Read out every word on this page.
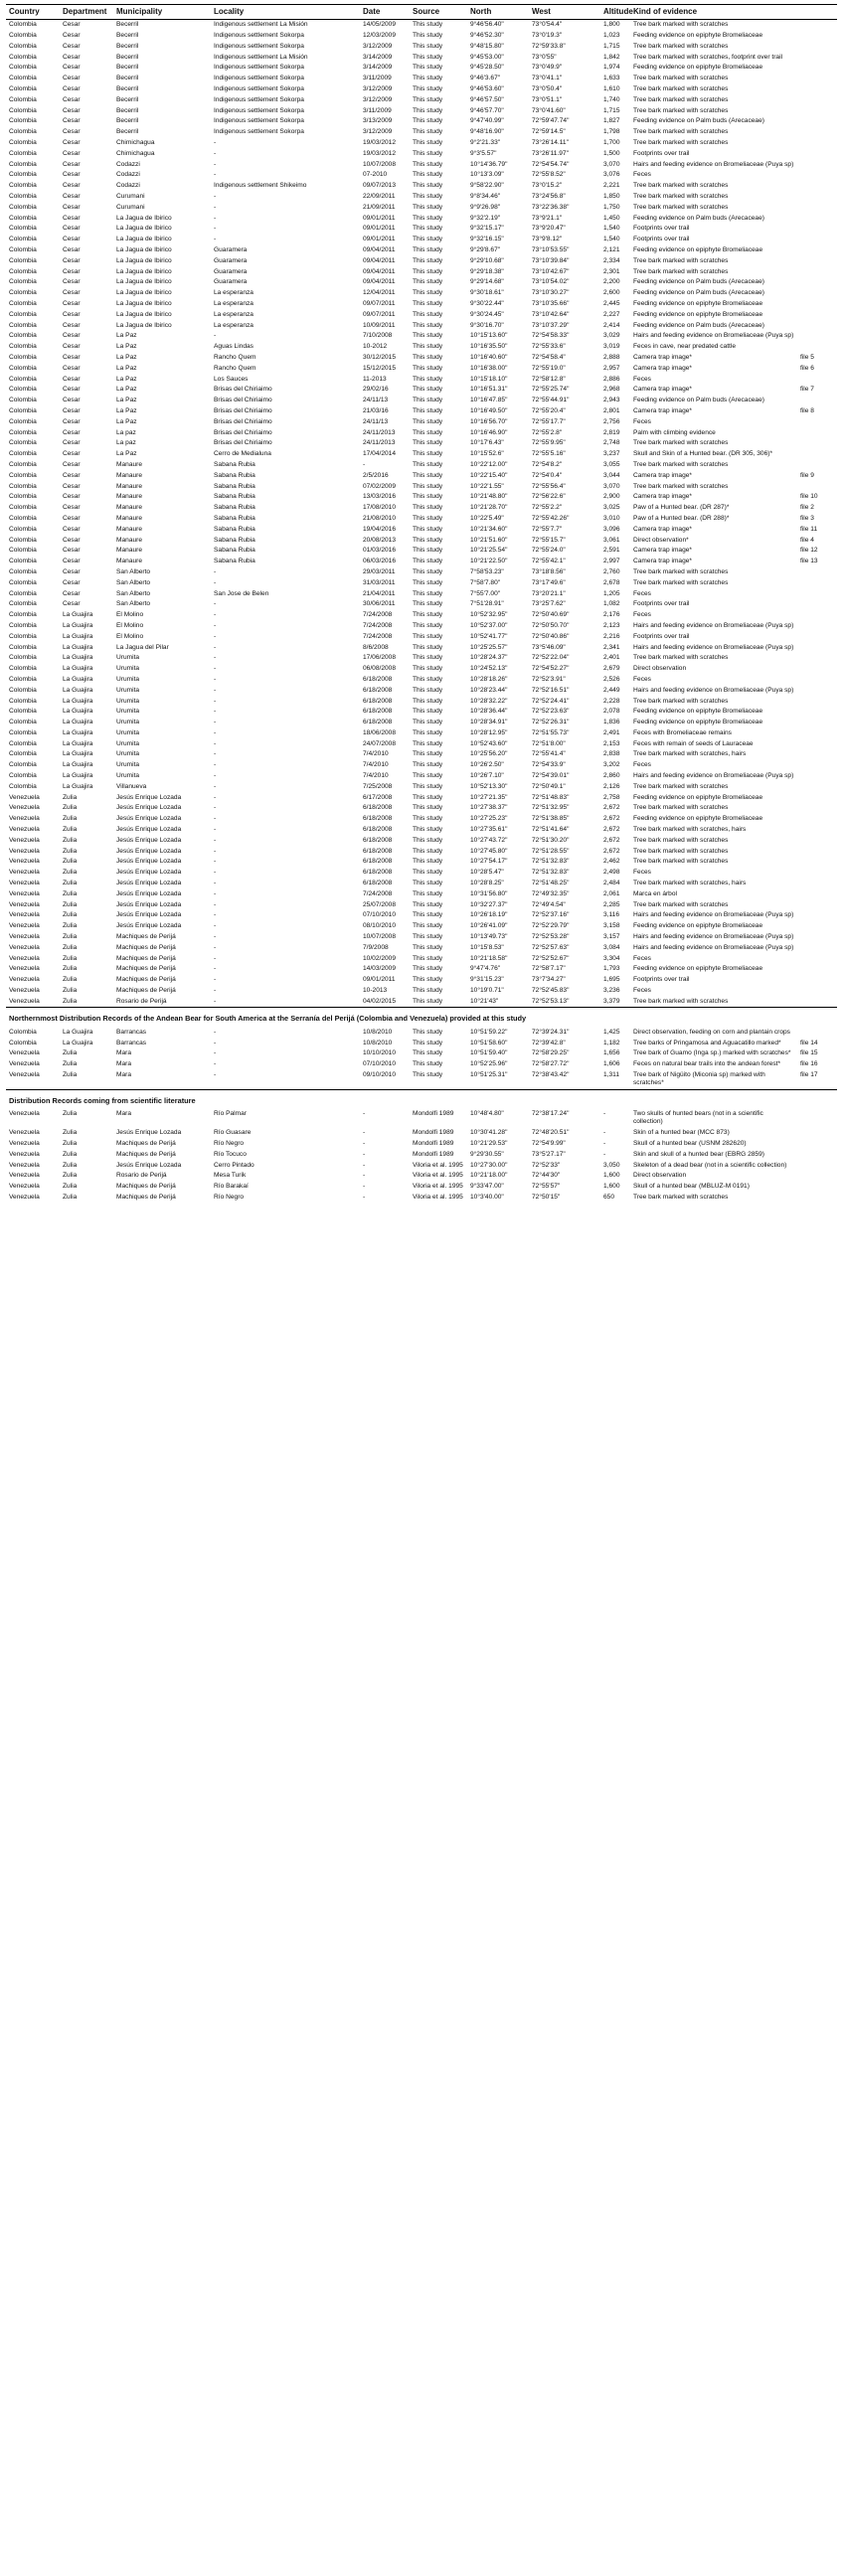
Country	Department	Municipality	Locality	Date	Source	North	West	Altitude	Kind of evidence	
Colombia	Cesar	Becerril	Indigenous settlement La Misión	14/05/2009	This study	9°46'56.40"	73°0'54.4"	1,800	Tree bark marked with scratches	
Colombia	Cesar	Becerril	Indigenous settlement Sokorpa	12/03/2009	This study	9°46'52.30"	73°0'19.3"	1,023	Feeding evidence on epiphyte Bromeliaceae	
Colombia	Cesar	Becerril	Indigenous settlement Sokorpa	3/12/2009	This study	9°48'15.80"	72°59'33.8"	1,715	Tree bark marked with scratches	
Colombia	Cesar	Becerril	Indigenous settlement La Misión	3/14/2009	This study	9°45'53.00"	73°0'55"	1,842	Tree bark marked with scratches, footprint over trail	
Colombia	Cesar	Becerril	Indigenous settlement Sokorpa	3/14/2009	This study	9°45'28.50"	73°0'49.9"	1,974	Feeding evidence on epiphyte Bromeliaceae	
Colombia	Cesar	Becerril	Indigenous settlement Sokorpa	3/11/2009	This study	9°46'3.67"	73°0'41.1"	1,633	Tree bark marked with scratches	
Colombia	Cesar	Becerril	Indigenous settlement Sokorpa	3/12/2009	This study	9°46'53.60"	73°0'50.4"	1,610	Tree bark marked with scratches	
Colombia	Cesar	Becerril	Indigenous settlement Sokorpa	3/12/2009	This study	9°46'57.50"	73°0'51.1"	1,740	Tree bark marked with scratches	
Colombia	Cesar	Becerril	Indigenous settlement Sokorpa	3/11/2009	This study	9°46'57.70"	73°0'41.60"	1,715	Tree bark marked with scratches	
Colombia	Cesar	Becerril	Indigenous settlement Sokorpa	3/13/2009	This study	9°47'40.99"	72°59'47.74"	1,827	Feeding evidence on Palm buds (Arecaceae)	
Colombia	Cesar	Becerril	Indigenous settlement Sokorpa	3/12/2009	This study	9°48'16.90"	72°59'14.5"	1,798	Tree bark marked with scratches	
Colombia	Cesar	Chimichagua	-	19/03/2012	This study	9°2'21.33"	73°26'14.11"	1,700	Tree bark marked with scratches	
Colombia	Cesar	Chimichagua	-	19/03/2012	This study	9°3'5.57"	73°26'11.97"	1,500	Footprints over trail	
Colombia	Cesar	Codazzi	-	10/07/2008	This study	10°14'36.79"	72°54'54.74"	3,070	Hairs and feeding evidence on Bromeliaceae (Puya sp)	
Colombia	Cesar	Codazzi	-	07-2010	This study	10°13'3.09"	72°55'8.52"	3,076	Feces	
Colombia	Cesar	Codazzi	Indigenous settlement Shikeimo	09/07/2013	This study	9°58'22.90"	73°0'15.2"	2,221	Tree bark marked with scratches	
Colombia	Cesar	Curumani	-	22/09/2011	This study	9°8'34.46"	73°24'56.8"	1,850	Tree bark marked with scratches	
Colombia	Cesar	Curumani	-	21/09/2011	This study	9°9'26.98"	73°22'36.38"	1,750	Tree bark marked with scratches	
Colombia	Cesar	La Jagua de Ibirico	-	09/01/2011	This study	9°32'2.19"	73°9'21.1"	1,450	Feeding evidence on Palm buds (Arecaceae)	
Colombia	Cesar	La Jagua de Ibirico	-	09/01/2011	This study	9°32'15.17"	73°9'20.47"	1,540	Footprints over trail	
Colombia	Cesar	La Jagua de Ibirico	-	09/01/2011	This study	9°32'16.15"	73°9'8.12"	1,540	Footprints over trail	
Colombia	Cesar	La Jagua de Ibirico	Guaramera	09/04/2011	This study	9°29'8.67"	73°10'53.55"	2,121	Feeding evidence on epiphyte Bromeliaceae	
Colombia	Cesar	La Jagua de Ibirico	Guaramera	09/04/2011	This study	9°29'10.68"	73°10'39.84"	2,334	Tree bark marked with scratches	
Colombia	Cesar	La Jagua de Ibirico	Guaramera	09/04/2011	This study	9°29'18.38"	73°10'42.67"	2,301	Tree bark marked with scratches	
Colombia	Cesar	La Jagua de Ibirico	Guaramera	09/04/2011	This study	9°29'14.68"	73°10'54.02"	2,200	Feeding evidence on Palm buds (Arecaceae)	
Colombia	Cesar	La Jagua de Ibirico	La esperanza	12/04/2011	This study	9°30'18.61"	73°10'30.27"	2,600	Feeding evidence on Palm buds (Arecaceae)	
Colombia	Cesar	La Jagua de Ibirico	La esperanza	09/07/2011	This study	9°30'22.44"	73°10'35.66"	2,445	Feeding evidence on epiphyte Bromeliaceae	
Colombia	Cesar	La Jagua de Ibirico	La esperanza	09/07/2011	This study	9°30'24.45"	73°10'42.64"	2,227	Feeding evidence on epiphyte Bromeliaceae	
Colombia	Cesar	La Jagua de Ibirico	La esperanza	10/09/2011	This study	9°30'16.70"	73°10'37.29"	2,414	Feeding evidence on Palm buds (Arecaceae)	
Colombia	Cesar	La Paz	-	7/10/2008	This study	10°15'13.60"	72°54'58.33"	3,029	Hairs and feeding evidence on Bromeliaceae (Puya sp)	
Colombia	Cesar	La Paz	Aguas Lindas	10-2012	This study	10°16'35.50"	72°55'33.6"	3,019	Feces in cave, near predated cattle	
Colombia	Cesar	La Paz	Rancho Quem	30/12/2015	This study	10°16'40.60"	72°54'58.4"	2,888	Camera trap image*	file 5
Colombia	Cesar	La Paz	Rancho Quem	15/12/2015	This study	10°16'38.00"	72°55'19.0"	2,957	Camera trap image*	file 6
Colombia	Cesar	La Paz	Los Sauces	11-2013	This study	10°15'18.10"	72°58'12.8"	2,886	Feces	
Colombia	Cesar	La Paz	Brisas del Chiriaimo	29/02/16	This study	10°16'51.31"	72°55'25.74"	2,968	Camera trap image*	file 7
Colombia	Cesar	La Paz	Brisas del Chiriaimo	24/11/13	This study	10°16'47.85"	72°55'44.91"	2,943	Feeding evidence on Palm buds (Arecaceae)	
Colombia	Cesar	La Paz	Brisas del Chiriaimo	21/03/16	This study	10°16'49.50"	72°55'20.4"	2,801	Camera trap image*	file 8
Colombia	Cesar	La Paz	Brisas del Chiriaimo	24/11/13	This study	10°16'56.70"	72°55'17.7"	2,756	Feces	
Colombia	Cesar	La paz	Brisas del Chiriaimo	24/11/2013	This study	10°16'46.90"	72°55'2.8"	2,819	Palm with climbing evidence	
Colombia	Cesar	La paz	Brisas del Chiriaimo	24/11/2013	This study	10°17'6.43"	72°55'9.95"	2,748	Tree bark marked with scratches	
Colombia	Cesar	La Paz	Cerro de Medialuna	17/04/2014	This study	10°15'52.6"	72°55'5.16"	3,237	Skull and Skin of a Hunted bear. (DR 305, 306)*	
Colombia	Cesar	Manaure	Sabana Rubia	-	This study	10°22'12.00"	72°54'8.2"	3,055	Tree bark marked with scratches	
Colombia	Cesar	Manaure	Sabana Rubia	2/5/2016	This study	10°22'15.40"	72°54'0.4"	3,044	Camera trap image*	file 9
Colombia	Cesar	Manaure	Sabana Rubia	07/02/2009	This study	10°22'1.55"	72°55'56.4"	3,070	Tree bark marked with scratches	
Colombia	Cesar	Manaure	Sabana Rubia	13/03/2016	This study	10°21'48.80"	72°56'22.6"	2,900	Camera trap image*	file 10
Colombia	Cesar	Manaure	Sabana Rubia	17/08/2010	This study	10°21'28.70"	72°55'2.2"	3,025	Paw of a Hunted bear. (DR 287)*	file 2
Colombia	Cesar	Manaure	Sabana Rubia	21/08/2010	This study	10°22'5.49"	72°55'42.26"	3,010	Paw of a Hunted bear. (DR 288)*	file 3
Colombia	Cesar	Manaure	Sabana Rubia	19/04/2016	This study	10°21'34.60"	72°55'7.7"	3,096	Camera trap image*	file 11
Colombia	Cesar	Manaure	Sabana Rubia	20/08/2013	This study	10°21'51.60"	72°55'15.7"	3,061	Direct observation*	file 4
Colombia	Cesar	Manaure	Sabana Rubia	01/03/2016	This study	10°21'25.54"	72°55'24.0"	2,591	Camera trap image*	file 12
Colombia	Cesar	Manaure	Sabana Rubia	06/03/2016	This study	10°21'22.50"	72°55'42.1"	2,997	Camera trap image*	file 13
Colombia	Cesar	San Alberto	-	29/03/2011	This study	7°58'53.23"	73°18'8.56"	2,760	Tree bark marked with scratches	
Colombia	Cesar	San Alberto	-	31/03/2011	This study	7°58'7.80"	73°17'49.6"	2,678	Tree bark marked with scratches	
Colombia	Cesar	San Alberto	San Jose de Belen	21/04/2011	This study	7°55'7.00"	73°20'21.1"	1,205	Feces	
Colombia	Cesar	San Alberto	-	30/06/2011	This study	7°51'28.91"	73°25'7.62"	1,082	Footprints over trail	
Colombia	La Guajira	El Molino	-	7/24/2008	This study	10°52'32.95"	72°50'40.69"	2,176	Feces	
Colombia	La Guajira	El Molino	-	7/24/2008	This study	10°52'37.00"	72°50'50.70"	2,123	Hairs and feeding evidence on Bromeliaceae (Puya sp)	
Colombia	La Guajira	El Molino	-	7/24/2008	This study	10°52'41.77"	72°50'40.86"	2,216	Footprints over trail	
Colombia	La Guajira	La Jagua del Pilar	-	8/6/2008	This study	10°25'25.57"	73°5'46.09"	2,341	Hairs and feeding evidence on Bromeliaceae (Puya sp)	
Colombia	La Guajira	Urumita	-	17/06/2008	This study	10°28'24.37"	72°52'22.04"	2,401	Tree bark marked with scratches	
Colombia	La Guajira	Urumita	-	06/08/2008	This study	10°24'52.13"	72°54'52.27"	2,679	Direct observation	
Colombia	La Guajira	Urumita	-	6/18/2008	This study	10°28'18.26"	72°52'3.91"	2,526	Feces	
Colombia	La Guajira	Urumita	-	6/18/2008	This study	10°28'23.44"	72°52'16.51"	2,449	Hairs and feeding evidence on Bromeliaceae (Puya sp)	
Colombia	La Guajira	Urumita	-	6/18/2008	This study	10°28'32.22"	72°52'24.41"	2,228	Tree bark marked with scratches	
Colombia	La Guajira	Urumita	-	6/18/2008	This study	10°28'36.44"	72°52'23.63"	2,078	Feeding evidence on epiphyte Bromeliaceae	
Colombia	La Guajira	Urumita	-	6/18/2008	This study	10°28'34.91"	72°52'26.31"	1,836	Feeding evidence on epiphyte Bromeliaceae	
Colombia	La Guajira	Urumita	-	18/06/2008	This study	10°28'12.95"	72°51'55.73"	2,491	Feces with Bromeliaceae remains	
Colombia	La Guajira	Urumita	-	24/07/2008	This study	10°52'43.60"	72°51'8.00"	2,153	Feces with remain of seeds of Lauraceae	
Colombia	La Guajira	Urumita	-	7/4/2010	This study	10°25'56.20"	72°55'41.4"	2,838	Tree bark marked with scratches, hairs	
Colombia	La Guajira	Urumita	-	7/4/2010	This study	10°26'2.50"	72°54'33.9"	3,202	Feces	
Colombia	La Guajira	Urumita	-	7/4/2010	This study	10°26'7.10"	72°54'39.01"	2,860	Hairs and feeding evidence on Bromeliaceae (Puya sp)	
Colombia	La Guajira	Villanueva	-	7/25/2008	This study	10°52'13.30"	72°50'49.1"	2,126	Tree bark marked with scratches	
Venezuela	Zulia	Jesús Enrique Lozada	-	6/17/2008	This study	10°27'21.35"	72°51'48.83"	2,758	Feeding evidence on epiphyte Bromeliaceae	
Venezuela	Zulia	Jesús Enrique Lozada	-	6/18/2008	This study	10°27'38.37"	72°51'32.95"	2,672	Tree bark marked with scratches	
Venezuela	Zulia	Jesús Enrique Lozada	-	6/18/2008	This study	10°27'25.23"	72°51'38.85"	2,672	Feeding evidence on epiphyte Bromeliaceae	
Venezuela	Zulia	Jesús Enrique Lozada	-	6/18/2008	This study	10°27'35.61"	72°51'41.64"	2,672	Tree bark marked with scratches, hairs	
Venezuela	Zulia	Jesús Enrique Lozada	-	6/18/2008	This study	10°27'43.72"	72°51'30.20"	2,672	Tree bark marked with scratches	
Venezuela	Zulia	Jesús Enrique Lozada	-	6/18/2008	This study	10°27'45.80"	72°51'28.55"	2,672	Tree bark marked with scratches	
Venezuela	Zulia	Jesús Enrique Lozada	-	6/18/2008	This study	10°27'54.17"	72°51'32.83"	2,462	Tree bark marked with scratches	
Venezuela	Zulia	Jesús Enrique Lozada	-	6/18/2008	This study	10°28'5.47"	72°51'32.83"	2,498	Feces	
Venezuela	Zulia	Jesús Enrique Lozada	-	6/18/2008	This study	10°28'8.25"	72°51'48.25"	2,484	Tree bark marked with scratches, hairs	
Venezuela	Zulia	Jesús Enrique Lozada	-	7/24/2008	This study	10°31'56.80"	72°49'32.35"	2,061	Marca en árbol	
Venezuela	Zulia	Jesús Enrique Lozada	-	25/07/2008	This study	10°32'27.37"	72°49'4.54"	2,285	Tree bark marked with scratches	
Venezuela	Zulia	Jesús Enrique Lozada	-	07/10/2010	This study	10°26'18.19"	72°52'37.16"	3,116	Hairs and feeding evidence on Bromeliaceae (Puya sp)	
Venezuela	Zulia	Jesús Enrique Lozada	-	08/10/2010	This study	10°26'41.09"	72°52'29.79"	3,158	Feeding evidence on epiphyte Bromeliaceae	
Venezuela	Zulia	Machiques de Perijá	-	10/07/2008	This study	10°13'49.73"	72°52'53.28"	3,157	Hairs and feeding evidence on Bromeliaceae (Puya sp)	
Venezuela	Zulia	Machiques de Perijá	-	7/9/2008	This study	10°15'8.53"	72°52'57.63"	3,084	Hairs and feeding evidence on Bromeliaceae (Puya sp)	
Venezuela	Zulia	Machiques de Perijá	-	10/02/2009	This study	10°21'18.58"	72°52'52.67"	3,304	Feces	
Venezuela	Zulia	Machiques de Perijá	-	14/03/2009	This study	9°47'4.76"	72°58'7.17"	1,793	Feeding evidence on epiphyte Bromeliaceae	
Venezuela	Zulia	Machiques de Perijá	-	09/01/2011	This study	9°31'15.23"	73°7'34.27"	1,695	Footprints over trail	
Venezuela	Zulia	Machiques de Perijá	-	10-2013	This study	10°19'0.71"	72°52'45.83"	3,236	Feces	
Venezuela	Zulia	Rosario de Perijá	-	04/02/2015	This study	10°21'43"	72°52'53.13"	3,379	Tree bark marked with scratches	
Northernmost Distribution Records of the Andean Bear for South America at the Serranía del Perijá (Colombia and Venezuela) provided at this study										
Colombia	La Guajira	Barrancas	-	10/8/2010	This study	10°51'59.22"	72°39'24.31"	1,425	Direct observation, feeding on corn and plantain crops	
Colombia	La Guajira	Barrancas	-	10/8/2010	This study	10°51'58.60"	72°39'42.8"	1,182	Tree barks of Pringamosa and Aguacatillo marked*	file 14
Venezuela	Zulia	Mara	-	10/10/2010	This study	10°51'59.40"	72°58'29.25"	1,656	Tree bark of Guamo (Inga sp.) marked with scratches*	file 15
Venezuela	Zulia	Mara	-	07/10/2010	This study	10°52'25.96"	72°58'27.72"	1,606	Feces on natural bear trails into the andean forest*	file 16
Venezuela	Zulia	Mara	-	09/10/2010	This study	10°51'25.31"	72°38'43.42"	1,311	Tree bark of Nigüito (Miconia sp) marked with scratches*	file 17
Distribution Records coming from scientific literature										
Venezuela	Zulia	Mara	Río Palmar	-	Mondolfi 1989	10°48'4.80"	72°38'17.24"	-	Two skulls of hunted bears (not in a scientific collection)	
Venezuela	Zulia	Jesús Enrique Lozada	Río Guasare	-	Mondolfi 1989	10°30'41.28"	72°48'20.51"	-	Skin of a hunted bear (MCC 873)	
Venezuela	Zulia	Machiques de Perijá	Río Negro	-	Mondolfi 1989	10°21'29.53"	72°54'9.99"	-	Skull of a hunted bear (USNM 282620)	
Venezuela	Zulia	Machiques de Perijá	Río Tocuco	-	Mondolfi 1989	9°29'30.55"	73°5'27.17"	-	Skin and skull of a hunted bear (EBRG 2859)	
Venezuela	Zulia	Jesús Enrique Lozada	Cerro Pintado	-	Viloria et al. 1995	10°27'30.00"	72°52'33"	3,050	Skeleton of a dead bear (not in a scientific collection)	
Venezuela	Zulia	Rosario de Perijá	Mesa Turik	-	Viloria et al. 1995	10°21'18.00"	72°44'30"	1,600	Direct observation	
Venezuela	Zulia	Machiques de Perijá	Río Barakaí	-	Viloria et al. 1995	9°33'47.00"	72°55'57"	1,600	Skull of a hunted bear (MBLUZ-M 0191)	
Venezuela	Zulia	Machiques de Perijá	Río Negro	-	Viloria et al. 1995	10°3'40.00"	72°50'15"	650	Tree bark marked with scratches	
